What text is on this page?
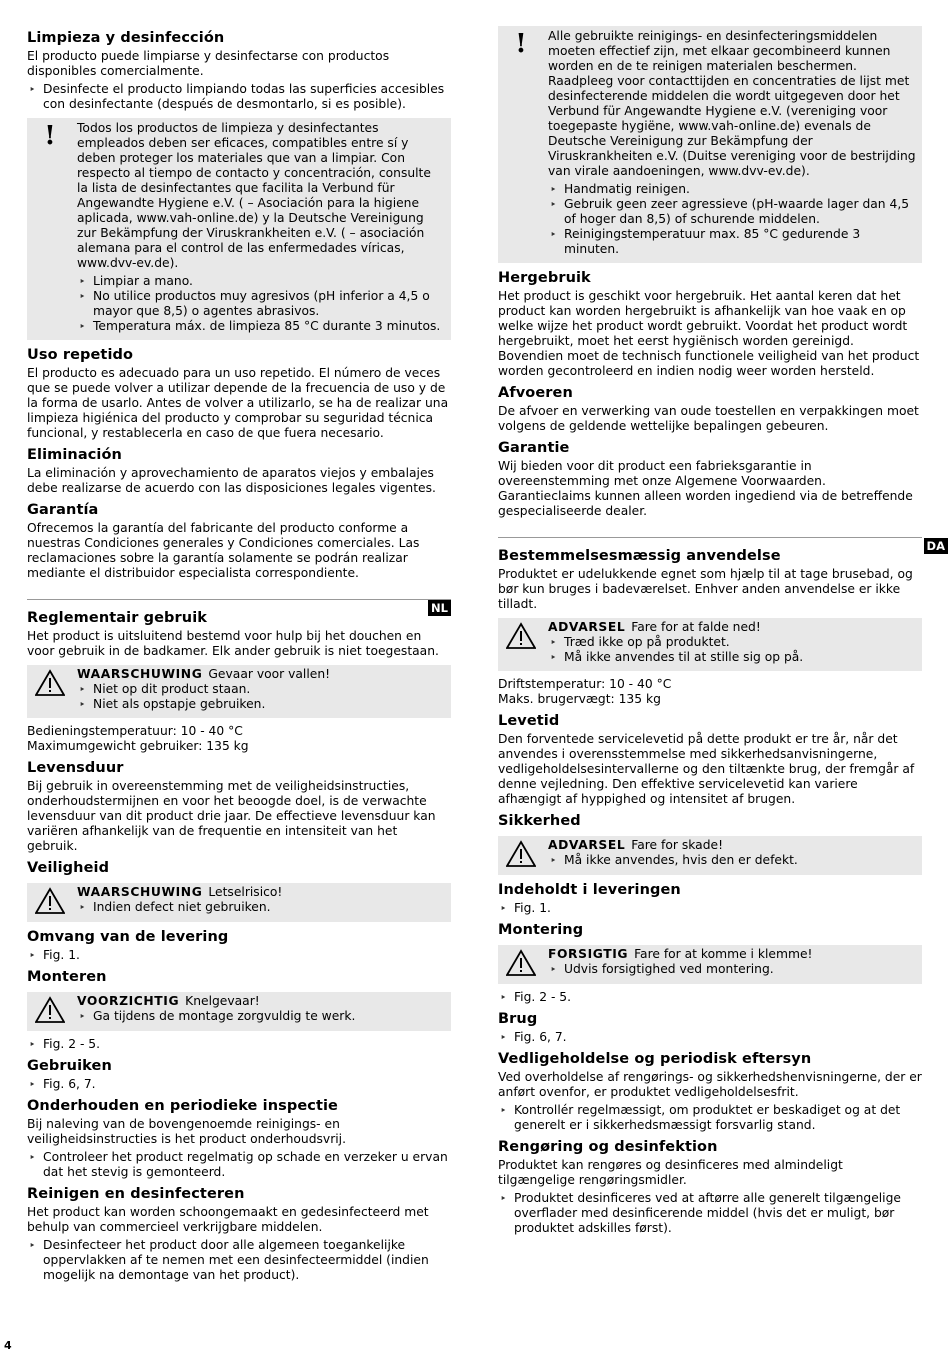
Limpieza y desinfección

El producto puede limpiarse y desinfectarse con productos disponibles comercialmente.

‣ Desinfecte el producto limpiando todas las superficies accesibles con desinfectante (después de desmontarlo, si es posible).
!	Todos los productos de limpieza y desinfectantes empleados deben ser eficaces, compatibles entre sí y deben proteger los materiales que van a limpiar. Con respecto al tiempo de contacto y concentración, consulte la lista de desinfectantes que facilita la Verbund für Angewandte Hygiene e.V. ( – Asociación para la higiene aplicada, www.vah-online.de) y la Deutsche Vereinigung zur Bekämpfung der Viruskrankheiten e.V. ( – asociación alemana para el control de las enfermedades víricas, www.dvv-ev.de).

‣ Limpiar a mano.
‣ No utilice productos muy agresivos (pH inferior a 4,5 o mayor que 8,5) o agentes abrasivos.
‣ Temperatura máx. de limpieza 85 °C durante 3 minutos.
Uso repetido

El producto es adecuado para un uso repetido. El número de veces que se puede volver a utilizar depende de la frecuencia de uso y de la forma de usarlo. Antes de volver a utilizarlo, se ha de realizar una limpieza higiénica del producto y comprobar su seguridad técnica funcional, y restablecerla en caso de que fuera necesario.

Eliminación

La eliminación y aprovechamiento de aparatos viejos y embalajes debe realizarse de acuerdo con las disposiciones legales vigentes.

Garantía

Ofrecemos la garantía del fabricante del producto conforme a nuestras Condiciones generales y Condiciones comerciales. Las reclamaciones sobre la garantía solamente se podrán realizar mediante el distribuidor especialista correspondiente.

NL
Reglementair gebruik

Het product is uitsluitend bestemd voor hulp bij het douchen en voor gebruik in de badkamer. Elk ander gebruik is niet toegestaan.

WAARSCHUWING Gevaar voor vallen!
‣ Niet op dit product staan.
‣ Niet als opstapje gebruiken.

Bedieningstemperatuur: 10 - 40 °C

Maximumgewicht gebruiker: 135 kg

Levensduur

Bij gebruik in overeenstemming met de veiligheidsinstructies, onderhoudstermijnen en voor het beoogde doel, is de verwachte levensduur van dit product drie jaar. De effectieve levensduur kan variëren afhankelijk van de frequentie en intensiteit van het gebruik.

Veiligheid
WAARSCHUWING Letselrisico!
‣ Indien defect niet gebruiken.
Omvang van de levering
‣ Fig. 1.
Monteren
VOORZICHTIG Knelgevaar!
‣ Ga tijdens de montage zorgvuldig te werk.
‣ Fig. 2 - 5.
Gebruiken
‣ Fig. 6, 7.
Onderhouden en periodieke inspectie

Bij naleving van de bovengenoemde reinigings- en veiligheidsinstructies is het product onderhoudsvrij.

‣ Controleer het product regelmatig op schade en verzeker u ervan dat het stevig is gemonteerd.
Reinigen en desinfecteren

Het product kan worden schoongemaakt en gedesinfecteerd met behulp van commercieel verkrijgbare middelen.

‣ Desinfecteer het product door alle algemeen toegankelijke oppervlakken af te nemen met een desinfecteermiddel (indien mogelijk na demontage van het product).
!	Alle gebruikte reinigings- en desinfecteringsmiddelen moeten effectief zijn, met elkaar gecombineerd kunnen worden en de te reinigen materialen beschermen. Raadpleeg voor contacttijden en concentraties de lijst met desinfecterende middelen die wordt uitgegeven door het Verbund für Angewandte Hygiene e.V. (vereniging voor toegepaste hygiëne, www.vah-online.de) evenals de Deutsche Vereinigung zur Bekämpfung der Viruskrankheiten e.V. (Duitse vereniging voor de bestrijding van virale aandoeningen, www.dvv-ev.de).

‣ Handmatig reinigen.
‣ Gebruik geen zeer agressieve (pH-waarde lager dan 4,5 of hoger dan 8,5) of schurende middelen.
‣ Reinigingstemperatuur max. 85 °C gedurende 3 minuten.
Hergebruik

Het product is geschikt voor hergebruik. Het aantal keren dat het product kan worden hergebruikt is afhankelijk van hoe vaak en op welke wijze het product wordt gebruikt. Voordat het product wordt hergebruikt, moet het eerst hygiënisch worden gereinigd. Bovendien moet de technisch functionele veiligheid van het product worden gecontroleerd en indien nodig weer worden hersteld.

Afvoeren

De afvoer en verwerking van oude toestellen en verpakkingen moet volgens de geldende wettelijke bepalingen gebeuren.

Garantie

Wij bieden voor dit product een fabrieksgarantie in overeenstemming met onze Algemene Voorwaarden. Garantieclaims kunnen alleen worden ingediend via de betreffende gespecialiseerde dealer.

DA
Bestemmelsesmæssig anvendelse

Produktet er udelukkende egnet som hjælp til at tage brusebad, og bør kun bruges i badeværelset. Enhver anden anvendelse er ikke tilladt.

ADVARSEL Fare for at falde ned!
‣ Træd ikke op på produktet.
‣ Må ikke anvendes til at stille sig op på.

Driftstemperatur: 10 - 40 °C

Maks. brugervægt: 135 kg

Levetid

Den forventede servicelevetid på dette produkt er tre år, når det anvendes i overensstemmelse med sikkerhedsanvisningerne, vedligeholdelsesintervallerne og den tiltænkte brug, der fremgår af denne vejledning. Den effektive servicelevetid kan variere afhængigt af hyppighed og intensitet af brugen.

Sikkerhed
ADVARSEL Fare for skade!
‣ Må ikke anvendes, hvis den er defekt.
Indeholdt i leveringen
‣ Fig. 1.
Montering
FORSIGTIG Fare for at komme i klemme!
‣ Udvis forsigtighed ved montering.
‣ Fig. 2 - 5.
Brug
‣ Fig. 6, 7.
Vedligeholdelse og periodisk eftersyn

Ved overholdelse af rengørings- og sikkerhedshenvisningerne, der er anført ovenfor, er produktet vedligeholdelsesfrit.

‣ Kontrollér regelmæssigt, om produktet er beskadiget og at det generelt er i sikkerhedsmæssigt forsvarlig stand.
Rengøring og desinfektion

Produktet kan rengøres og desinficeres med almindeligt tilgængelige rengøringsmidler.

‣ Produktet desinficeres ved at aftørre alle generelt tilgængelige overflader med desinficerende middel (hvis det er muligt, bør produktet adskilles først).
4
